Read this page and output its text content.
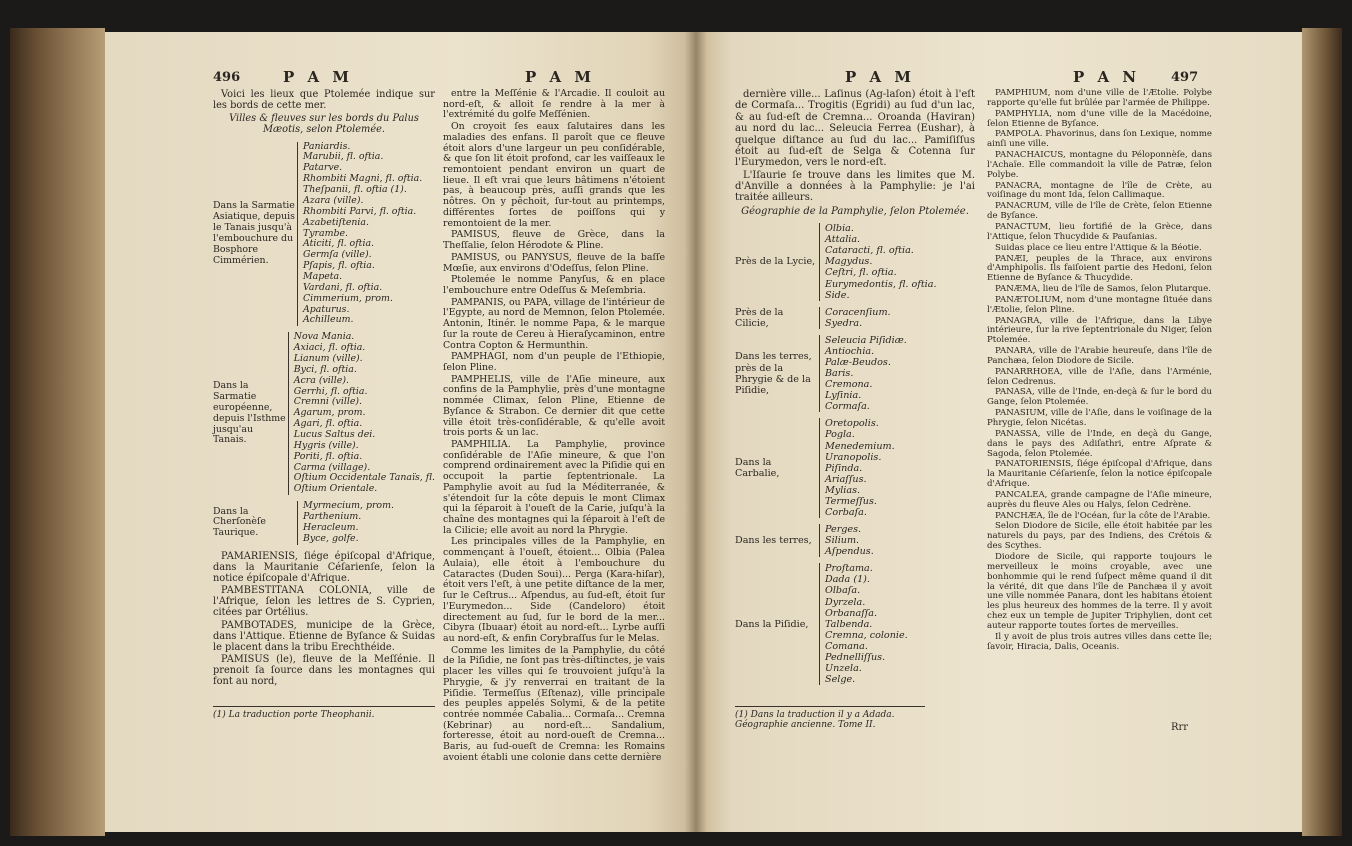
496	P A M	P A M

Voici les lieux que Ptolemée indique sur les bords de cette mer.

Villes & fleuves sur les bords du Palus Mæotis, selon Ptolemée.

Dans la Sarmatie Asiatique, depuis le Tanais jusqu'à l'embouchure du Bosphore Cimmérien.
Paniardis.
Marubii, fl. oftia.
Patarve.
Rhombiti Magni, fl. oftia.
Theſpanii, fl. oftia (1).
Azara (ville).
Rhombiti Parvi, fl. oftia.
Azabetiſtenia.
Tyrambe.
Aticiti, fl. oftia.
Germſa (ville).
Pſapis, fl. oftia.
Mapeta.
Vardani, fl. oftia.
Cimmerium, prom.
Apaturus.
Achilleum.
Dans la Sarmatie européenne, depuis l'Isthme jusqu'au Tanais.
Nova Mania.
Axiaci, fl. oftia.
Lianum (ville).
Byci, fl. oftia.
Acra (ville).
Gerrhi, fl. oftia.
Cremni (ville).
Agarum, prom.
Agari, fl. oftia.
Lucus Saltus dei.
Hygris (ville).
Poriti, fl. oftia.
Carma (village).
Oſtium Occidentale Tanaïs, fl.
Oſtium Orientale.
Dans la Cherſonèſe Taurique.
Myrmecium, prom.
Parthenium.
Heracleum.
Byce, golfe.

PAMARIENSIS, ſiége épiſcopal d'Afrique, dans la Mauritanie Céſarienſe, ſelon la notice épiſcopale d'Afrique.

PAMBESTITANA COLONIA, ville de l'Afrique, ſelon les lettres de S. Cyprien, citées par Ortélius.

PAMBOTADES, municipe de la Grèce, dans l'Attique. Etienne de Byſance & Suidas le placent dans la tribu Erechthéide.

PAMISUS (le), fleuve de la Meſſénie. Il prenoit ſa ſource dans les montagnes qui font au nord,

(1) La traduction porte Theophanii.

entre la Meſſénie & l'Arcadie. Il couloit au nord-eſt, & alloit ſe rendre à la mer à l'extrémité du golfe Meſſénien.

On croyoit ſes eaux ſalutaires dans les maladies des enfans. Il paroît que ce fleuve étoit alors d'une largeur un peu conſidérable, & que ſon lit étoit profond, car les vaiſſeaux le remontoient pendant environ un quart de lieue. Il eſt vrai que leurs bâtimens n'étoient pas, à beaucoup près, auſſi grands que les nôtres. On y pêchoit, ſur-tout au printemps, différentes ſortes de poiſſons qui y remontoient de la mer.

PAMISUS, fleuve de Grèce, dans la Theſſalie, ſelon Hérodote & Pline.

PAMISUS, ou PANYSUS, fleuve de la baſſe Mœſie, aux environs d'Odeſſus, ſelon Pline.

Ptolemée le nomme Panyſus, & en place l'embouchure entre Odeſſus & Meſembria.

PAMPANIS, ou PAPA, village de l'intérieur de l'Egypte, au nord de Memnon, ſelon Ptolemée. Antonin, Itinér. le nomme Papa, & le marque ſur la route de Cereu à Hieraſycaminon, entre Contra Copton & Hermunthin.

PAMPHAGI, nom d'un peuple de l'Ethiopie, ſelon Pline.

PAMPHELIS, ville de l'Aſie mineure, aux confins de la Pamphylie, près d'une montagne nommée Climax, ſelon Pline, Etienne de Byſance & Strabon. Ce dernier dit que cette ville étoit très-conſidérable, & qu'elle avoit trois ports & un lac.

PAMPHILIA. La Pamphylie, province conſidérable de l'Aſie mineure, & que l'on comprend ordinairement avec la Piſidie qui en occupoit la partie ſeptentrionale. La Pamphylie avoit au ſud la Méditerranée, & s'étendoit ſur la côte depuis le mont Climax qui la ſéparoit à l'oueſt de la Carie, juſqu'à la chaîne des montagnes qui la ſéparoit à l'eſt de la Cilicie; elle avoit au nord la Phrygie.

Les principales villes de la Pamphylie, en commençant à l'oueſt, étoient... Olbia (Palea Aulaia), elle étoit à l'embouchure du Cataractes (Duden Soui)... Perga (Kara-hiſar), étoit vers l'eſt, à une petite diſtance de la mer, ſur le Ceſtrus... Aſpendus, au ſud-eſt, étoit ſur l'Eurymedon... Side (Candeloro) étoit directement au ſud, ſur le bord de la mer... Cibyra (Ibuaar) étoit au nord-eſt... Lyrbe auſſi au nord-eſt, & enfin Corybraſſus ſur le Melas.

Comme les limites de la Pamphylie, du côté de la Piſidie, ne ſont pas très-diſtinctes, je vais placer les villes qui ſe trouvoient juſqu'à la Phrygie, & j'y renverrai en traitant de la Piſidie. Termeſſus (Eſtenaz), ville principale des peuples appelés Solymi, & de la petite contrée nommée Cabalia... Cormaſa... Cremna (Kebrinar) au nord-eſt... Sandalium, forteresse, étoit au nord-oueſt de Cremna... Baris, au ſud-oueſt de Cremna: les Romains avoient établi une colonie dans cette dernière

P A M	P A N 497

dernière ville... Laſinus (Ag-laſon) étoit à l'eſt de Cormaſa... Trogitis (Egridi) au ſud d'un lac, & au ſud-eſt de Cremna... Oroanda (Haviran) au nord du lac... Seleucia Ferrea (Eushar), à quelque diſtance au ſud du lac... Pamiſiſſus étoit au ſud-eſt de Selga & Cotenna ſur l'Eurymedon, vers le nord-eſt.

L'Iſaurie ſe trouve dans les limites que M. d'Anville a données à la Pamphylie: je l'ai traitée ailleurs.

Géographie de la Pamphylie, ſelon Ptolemée.

Près de la Lycie,
Olbia.
Attalia.
Cataracti, fl. oftia.
Magydus.
Ceſtri, fl. oftia.
Eurymedontis, fl. oftia.
Side.
Près de la Cilicie,
Coracenſium.
Syedra.
Dans les terres, près de la Phrygie & de la Piſidie,
Seleucia Piſidiæ.
Antiochia.
Palæ-Beudos.
Baris.
Cremona.
Lyſinia.
Cormaſa.
Dans la Carbalie,
Oretopolis.
Pogla.
Menedemium.
Uranopolis.
Piſinda.
Ariaſſus.
Mylias.
Termeſſus.
Corbaſa.
Dans les terres,
Perges.
Silium.
Aſpendus.
Dans la Piſidie,
Proſtama.
Dada (1).
Olbaſa.
Dyrzela.
Orbanaſſa.
Talbenda.
Cremna, colonie.
Comana.
Pednelliſſus.
Unzela.
Selge.
(1) Dans la traduction il y a Adada.
Géographie ancienne. Tome II.

PAMPHIUM, nom d'une ville de l'Ætolie. Polybe rapporte qu'elle fut brûlée par l'armée de Philippe.

PAMPHYLIA, nom d'une ville de la Macédoine, ſelon Etienne de Byſance.

PAMPOLA. Phavorinus, dans ſon Lexique, nomme ainſi une ville.

PANACHAICUS, montagne du Péloponnèſe, dans l'Achaïe. Elle commandoit la ville de Patræ, ſelon Polybe.

PANACRA, montagne de l'île de Crète, au voiſinage du mont Ida, ſelon Callimaque.

PANACRUM, ville de l'île de Crète, ſelon Etienne de Byſance.

PANACTUM, lieu fortifié de la Grèce, dans l'Attique, ſelon Thucydide & Pauſanias.

Suidas place ce lieu entre l'Attique & la Béotie.

PANÆI, peuples de la Thrace, aux environs d'Amphipolis. Ils faiſoient partie des Hedoni, ſelon Etienne de Byſance & Thucydide.

PANÆMA, lieu de l'île de Samos, ſelon Plutarque.

PANÆTOLIUM, nom d'une montagne ſituée dans l'Ætolie, ſelon Pline.

PANAGRA, ville de l'Afrique, dans la Libye intérieure, ſur la rive ſeptentrionale du Niger, ſelon Ptolemée.

PANARA, ville de l'Arabie heureuſe, dans l'île de Panchæa, ſelon Diodore de Sicile.

PANARRHOEA, ville de l'Aſie, dans l'Arménie, ſelon Cedrenus.

PANASA, ville de l'Inde, en-deçà & ſur le bord du Gange, ſelon Ptolemée.

PANASIUM, ville de l'Aſie, dans le voiſinage de la Phrygie, ſelon Nicétas.

PANASSA, ville de l'Inde, en deçà du Gange, dans le pays des Adiſathri, entre Aſprate & Sagoda, ſelon Ptolemée.

PANATORIENSIS, ſiége épiſcopal d'Afrique, dans la Mauritanie Céſarienſe, ſelon la notice épiſcopale d'Afrique.

PANCALEA, grande campagne de l'Aſie mineure, auprès du fleuve Ales ou Halys, ſelon Cedrène.

PANCHÆA, île de l'Océan, ſur la côte de l'Arabie.

Selon Diodore de Sicile, elle étoit habitée par les naturels du pays, par des Indiens, des Crétois & des Scythes.

Diodore de Sicile, qui rapporte toujours le merveilleux le moins croyable, avec une bonhommie qui le rend ſuſpect même quand il dit la vérité, dit que dans l'île de Panchæa il y avoit une ville nommée Panara, dont les habitans étoient les plus heureux des hommes de la terre. Il y avoit chez eux un temple de Jupiter Triphylien, dont cet auteur rapporte toutes ſortes de merveilles.

Il y avoit de plus trois autres villes dans cette île; ſavoir, Hiracia, Dalis, Oceanis.

Rrr
